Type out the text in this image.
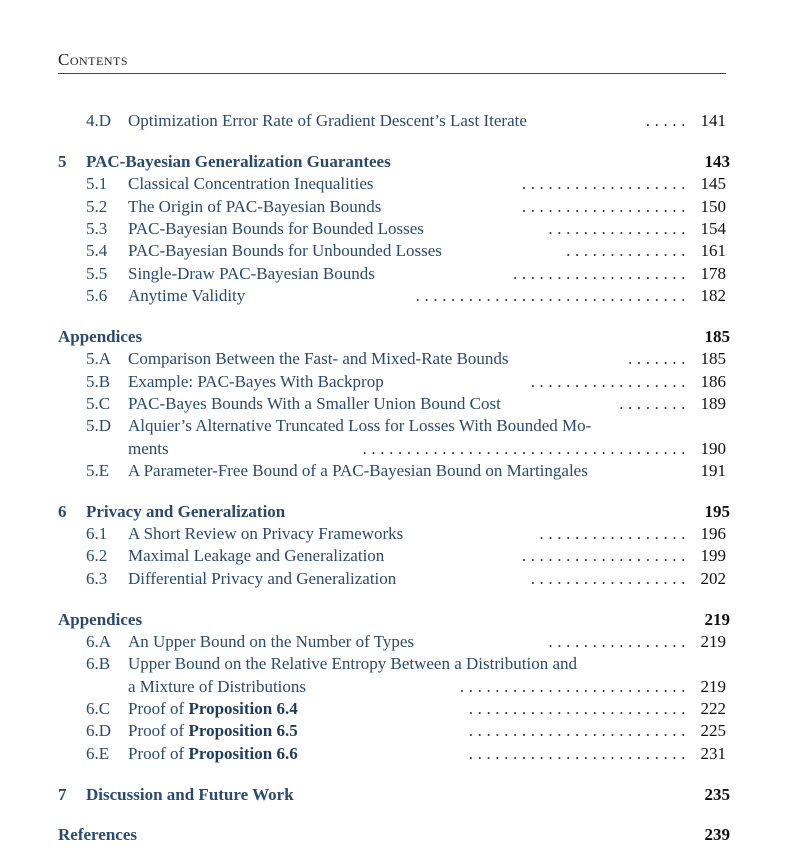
Contents
4.D Optimization Error Rate of Gradient Descent’s Last Iterate	..... 141
5 PAC-Bayesian Generalization Guarantees	143
5.1 Classical Concentration Inequalities	................... 145
5.2 The Origin of PAC-Bayesian Bounds	................... 150
5.3 PAC-Bayesian Bounds for Bounded Losses	................ 154
5.4 PAC-Bayesian Bounds for Unbounded Losses	.............. 161
5.5 Single-Draw PAC-Bayesian Bounds	.................... 178
5.6 Anytime Validity	............................... 182
Appendices	185
5.A Comparison Between the Fast- and Mixed-Rate Bounds	....... 185
5.B Example: PAC-Bayes With Backprop	.................. 186
5.C PAC-Bayes Bounds With a Smaller Union Bound Cost	........ 189
5.D Alquier’s Alternative Truncated Loss for Losses With Bounded Mo-
ments	..................................... 190
5.E A Parameter-Free Bound of a PAC-Bayesian Bound on Martingales	191
6 Privacy and Generalization	195
6.1 A Short Review on Privacy Frameworks	................. 196
6.2 Maximal Leakage and Generalization	................... 199
6.3 Differential Privacy and Generalization	.................. 202
Appendices	219
6.A An Upper Bound on the Number of Types	................ 219
6.B Upper Bound on the Relative Entropy Between a Distribution and
a Mixture of Distributions	.......................... 219
6.C Proof of Proposition 6.4	......................... 222
6.D Proof of Proposition 6.5	......................... 225
6.E Proof of Proposition 6.6	......................... 231
7 Discussion and Future Work	235
References	239
